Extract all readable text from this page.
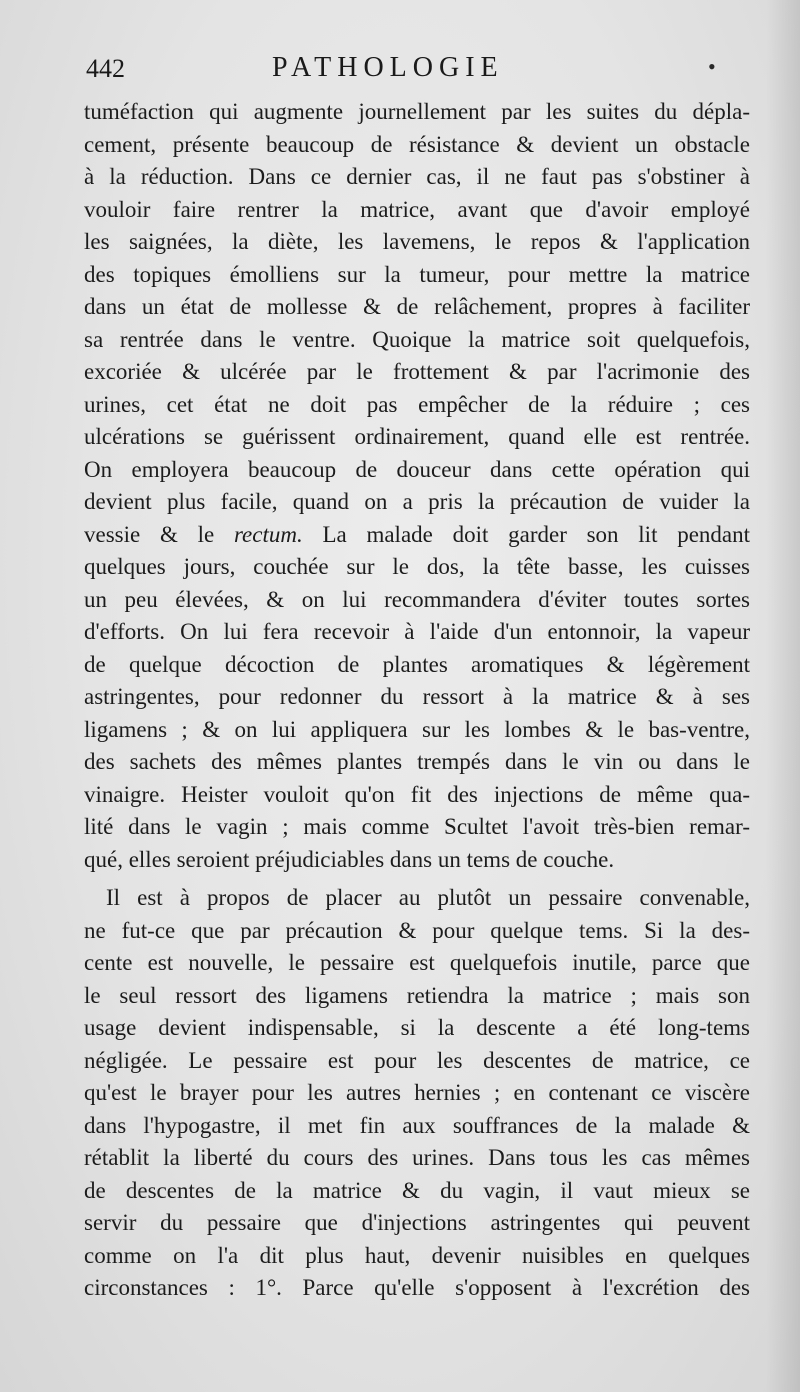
442	PATHOLOGIE	•
tuméfaction qui augmente journellement par les suites du dépla-
cement, présente beaucoup de résistance & devient un obstacle
à la réduction. Dans ce dernier cas, il ne faut pas s'obstiner à
vouloir faire rentrer la matrice, avant que d'avoir employé
les saignées, la diète, les lavemens, le repos & l'application
des topiques émolliens sur la tumeur, pour mettre la matrice
dans un état de mollesse & de relâchement, propres à faciliter
sa rentrée dans le ventre. Quoique la matrice soit quelquefois,
excoriée & ulcérée par le frottement & par l'acrimonie des
urines, cet état ne doit pas empêcher de la réduire ; ces
ulcérations se guérissent ordinairement, quand elle est rentrée.
On employera beaucoup de douceur dans cette opération qui
devient plus facile, quand on a pris la précaution de vuider la
vessie & le rectum. La malade doit garder son lit pendant
quelques jours, couchée sur le dos, la tête basse, les cuisses
un peu élevées, & on lui recommandera d'éviter toutes sortes
d'efforts. On lui fera recevoir à l'aide d'un entonnoir, la vapeur
de quelque décoction de plantes aromatiques & légèrement
astringentes, pour redonner du ressort à la matrice & à ses
ligamens ; & on lui appliquera sur les lombes & le bas-ventre,
des sachets des mêmes plantes trempés dans le vin ou dans le
vinaigre. Heister vouloit qu'on fit des injections de même qua-
lité dans le vagin ; mais comme Scultet l'avoit très-bien remar-
qué, elles seroient préjudiciables dans un tems de couche.
Il est à propos de placer au plutôt un pessaire convenable,
ne fut-ce que par précaution & pour quelque tems. Si la des-
cente est nouvelle, le pessaire est quelquefois inutile, parce que
le seul ressort des ligamens retiendra la matrice ; mais son
usage devient indispensable, si la descente a été long-tems
négligée. Le pessaire est pour les descentes de matrice, ce
qu'est le brayer pour les autres hernies ; en contenant ce viscère
dans l'hypogastre, il met fin aux souffrances de la malade &
rétablit la liberté du cours des urines. Dans tous les cas mêmes
de descentes de la matrice & du vagin, il vaut mieux se
servir du pessaire que d'injections astringentes qui peuvent
comme on l'a dit plus haut, devenir nuisibles en quelques
circonstances : 1°. Parce qu'elle s'opposent à l'excrétion des
